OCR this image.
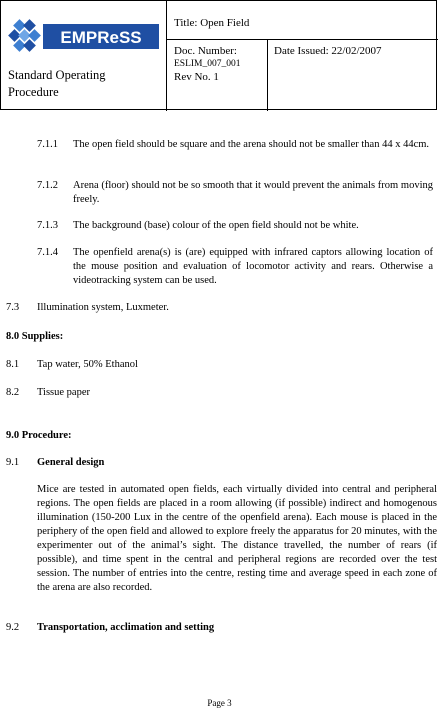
EMPReSS
Standard Operating
Procedure
Title: Open Field
Doc. Number:
ESLIM_007_001
Rev No. 1
Date Issued: 22/02/2007
7.1.1 The open field should be square and the arena should not be smaller than 44 x 44cm.
7.1.2 Arena (floor) should not be so smooth that it would prevent the animals from moving freely.
7.1.3 The background (base) colour of the open field should not be white.
7.1.4 The openfield arena(s) is (are) equipped with infrared captors allowing location of the mouse position and evaluation of locomotor activity and rears. Otherwise a videotracking system can be used.
7.3 Illumination system, Luxmeter.
8.0 Supplies:
8.1 Tap water, 50% Ethanol
8.2 Tissue paper
9.0 Procedure:
9.1 General design
Mice are tested in automated open fields, each virtually divided into central and peripheral regions. The open fields are placed in a room allowing (if possible) indirect and homogenous illumination (150-200 Lux in the centre of the openfield arena). Each mouse is placed in the periphery of the open field and allowed to explore freely the apparatus for 20 minutes, with the experimenter out of the animal’s sight. The distance travelled, the number of rears (if possible), and time spent in the central and peripheral regions are recorded over the test session. The number of entries into the centre, resting time and average speed in each zone of the arena are also recorded.
9.2 Transportation, acclimation and setting
Page 3
